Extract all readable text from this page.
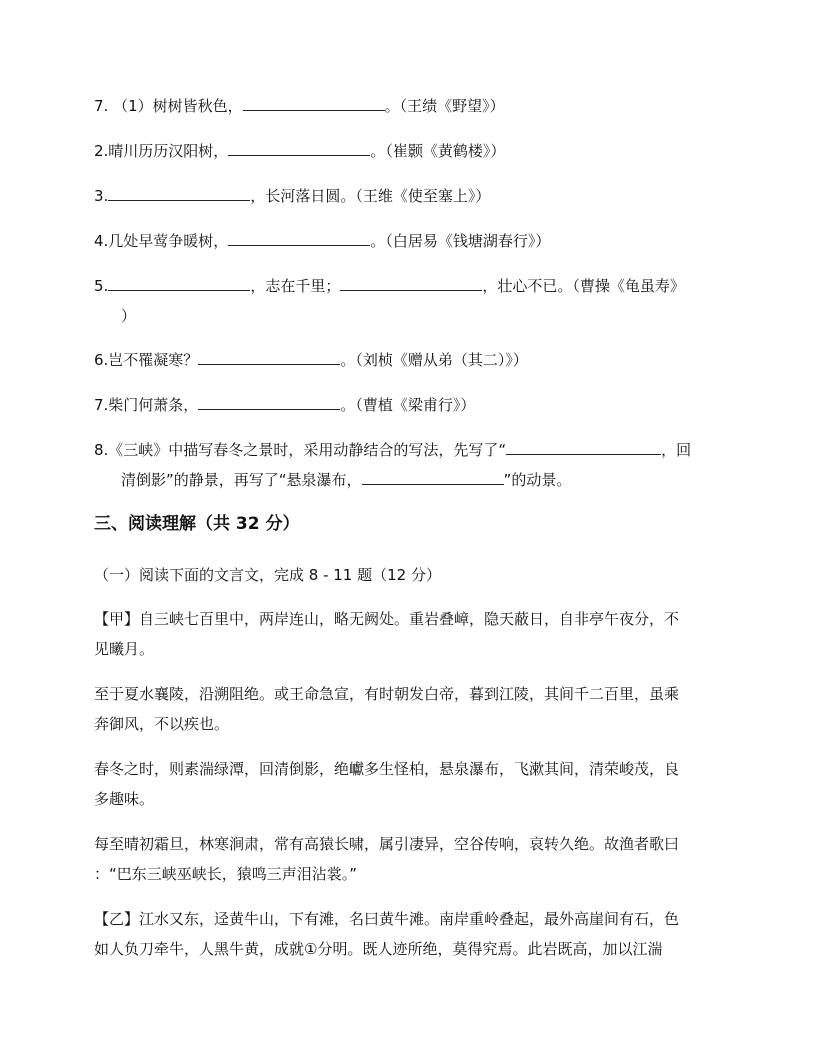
7. （1）树树皆秋色，	。（王绩《野望》）
2.晴川历历汉阳树，	。（崔颢《黄鹤楼》）
3.	，长河落日圆。（王维《使至塞上》）
4.几处早莺争暖树，	。（白居易《钱塘湖春行》）
5.	，志在千里；	，壮心不已。（曹操《龟虽寿》
）
6.岂不罹凝寒？	。（刘桢《赠从弟（其二）》）
7.柴门何萧条，	。（曹植《梁甫行》）
8.《三峡》中描写春冬之景时，采用动静结合的写法，先写了“	，回
清倒影”的静景，再写了“悬泉瀑布，	”的动景。
三、阅读理解（共 32 分）
（一）阅读下面的文言文，完成 8 - 11 题（12 分）
【甲】自三峡七百里中，两岸连山，略无阙处。重岩叠嶂，隐天蔽日，自非亭午夜分，不
见曦月。
至于夏水襄陵，沿溯阻绝。或王命急宣，有时朝发白帝，暮到江陵，其间千二百里，虽乘
奔御风，不以疾也。
春冬之时，则素湍绿潭，回清倒影，绝巘多生怪柏，悬泉瀑布，飞漱其间，清荣峻茂，良
多趣味。
每至晴初霜旦，林寒涧肃，常有高猿长啸，属引凄异，空谷传响，哀转久绝。故渔者歌曰
：“巴东三峡巫峡长，猿鸣三声泪沾裳。”
【乙】江水又东，迳黄牛山，下有滩，名曰黄牛滩。南岸重岭叠起，最外高崖间有石，色
如人负刀牵牛，人黑牛黄，成就①分明。既人迹所绝，莫得究焉。此岩既高，加以江湍
